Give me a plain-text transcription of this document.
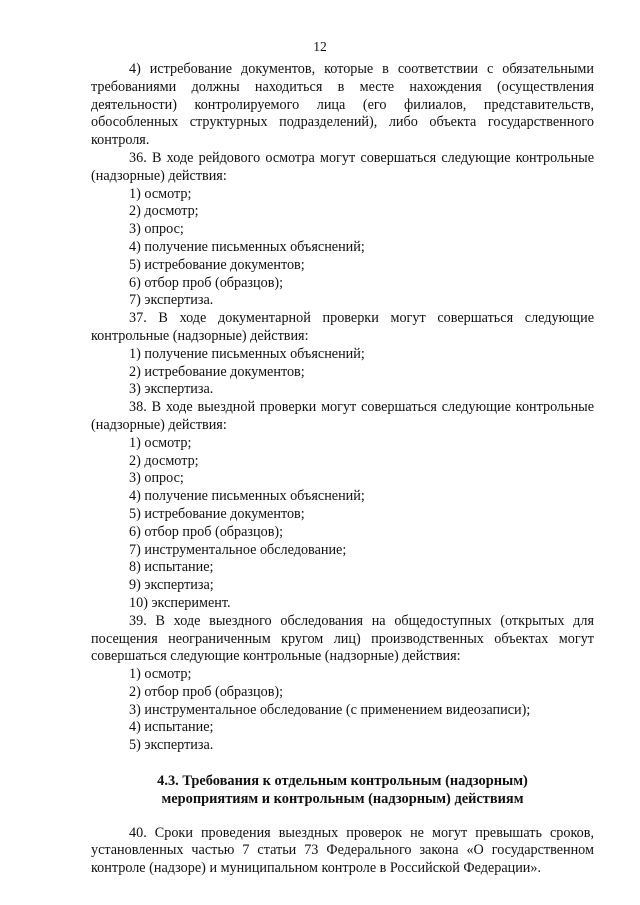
12

4) истребование документов, которые в соответствии с обязательными требованиями должны находиться в месте нахождения (осуществления деятельности) контролируемого лица (его филиалов, представительств, обособленных структурных подразделений), либо объекта государственного контроля.

36. В ходе рейдового осмотра могут совершаться следующие контрольные (надзорные) действия:

1) осмотр;

2) досмотр;

3) опрос;

4) получение письменных объяснений;

5) истребование документов;

6) отбор проб (образцов);

7) экспертиза.

37. В ходе документарной проверки могут совершаться следующие контрольные (надзорные) действия:

1) получение письменных объяснений;

2) истребование документов;

3) экспертиза.

38. В ходе выездной проверки могут совершаться следующие контрольные (надзорные) действия:

1) осмотр;

2) досмотр;

3) опрос;

4) получение письменных объяснений;

5) истребование документов;

6) отбор проб (образцов);

7) инструментальное обследование;

8) испытание;

9) экспертиза;

10) эксперимент.

39. В ходе выездного обследования на общедоступных (открытых для посещения неограниченным кругом лиц) производственных объектах могут совершаться следующие контрольные (надзорные) действия:

1) осмотр;

2) отбор проб (образцов);

3) инструментальное обследование (с применением видеозаписи);

4) испытание;

5) экспертиза.

4.3. Требования к отдельным контрольным (надзорным)
мероприятиям и контрольным (надзорным) действиям

40. Сроки проведения выездных проверок не могут превышать сроков, установленных частью 7 статьи 73 Федерального закона «О государственном контроле (надзоре) и муниципальном контроле в Российской Федерации».
